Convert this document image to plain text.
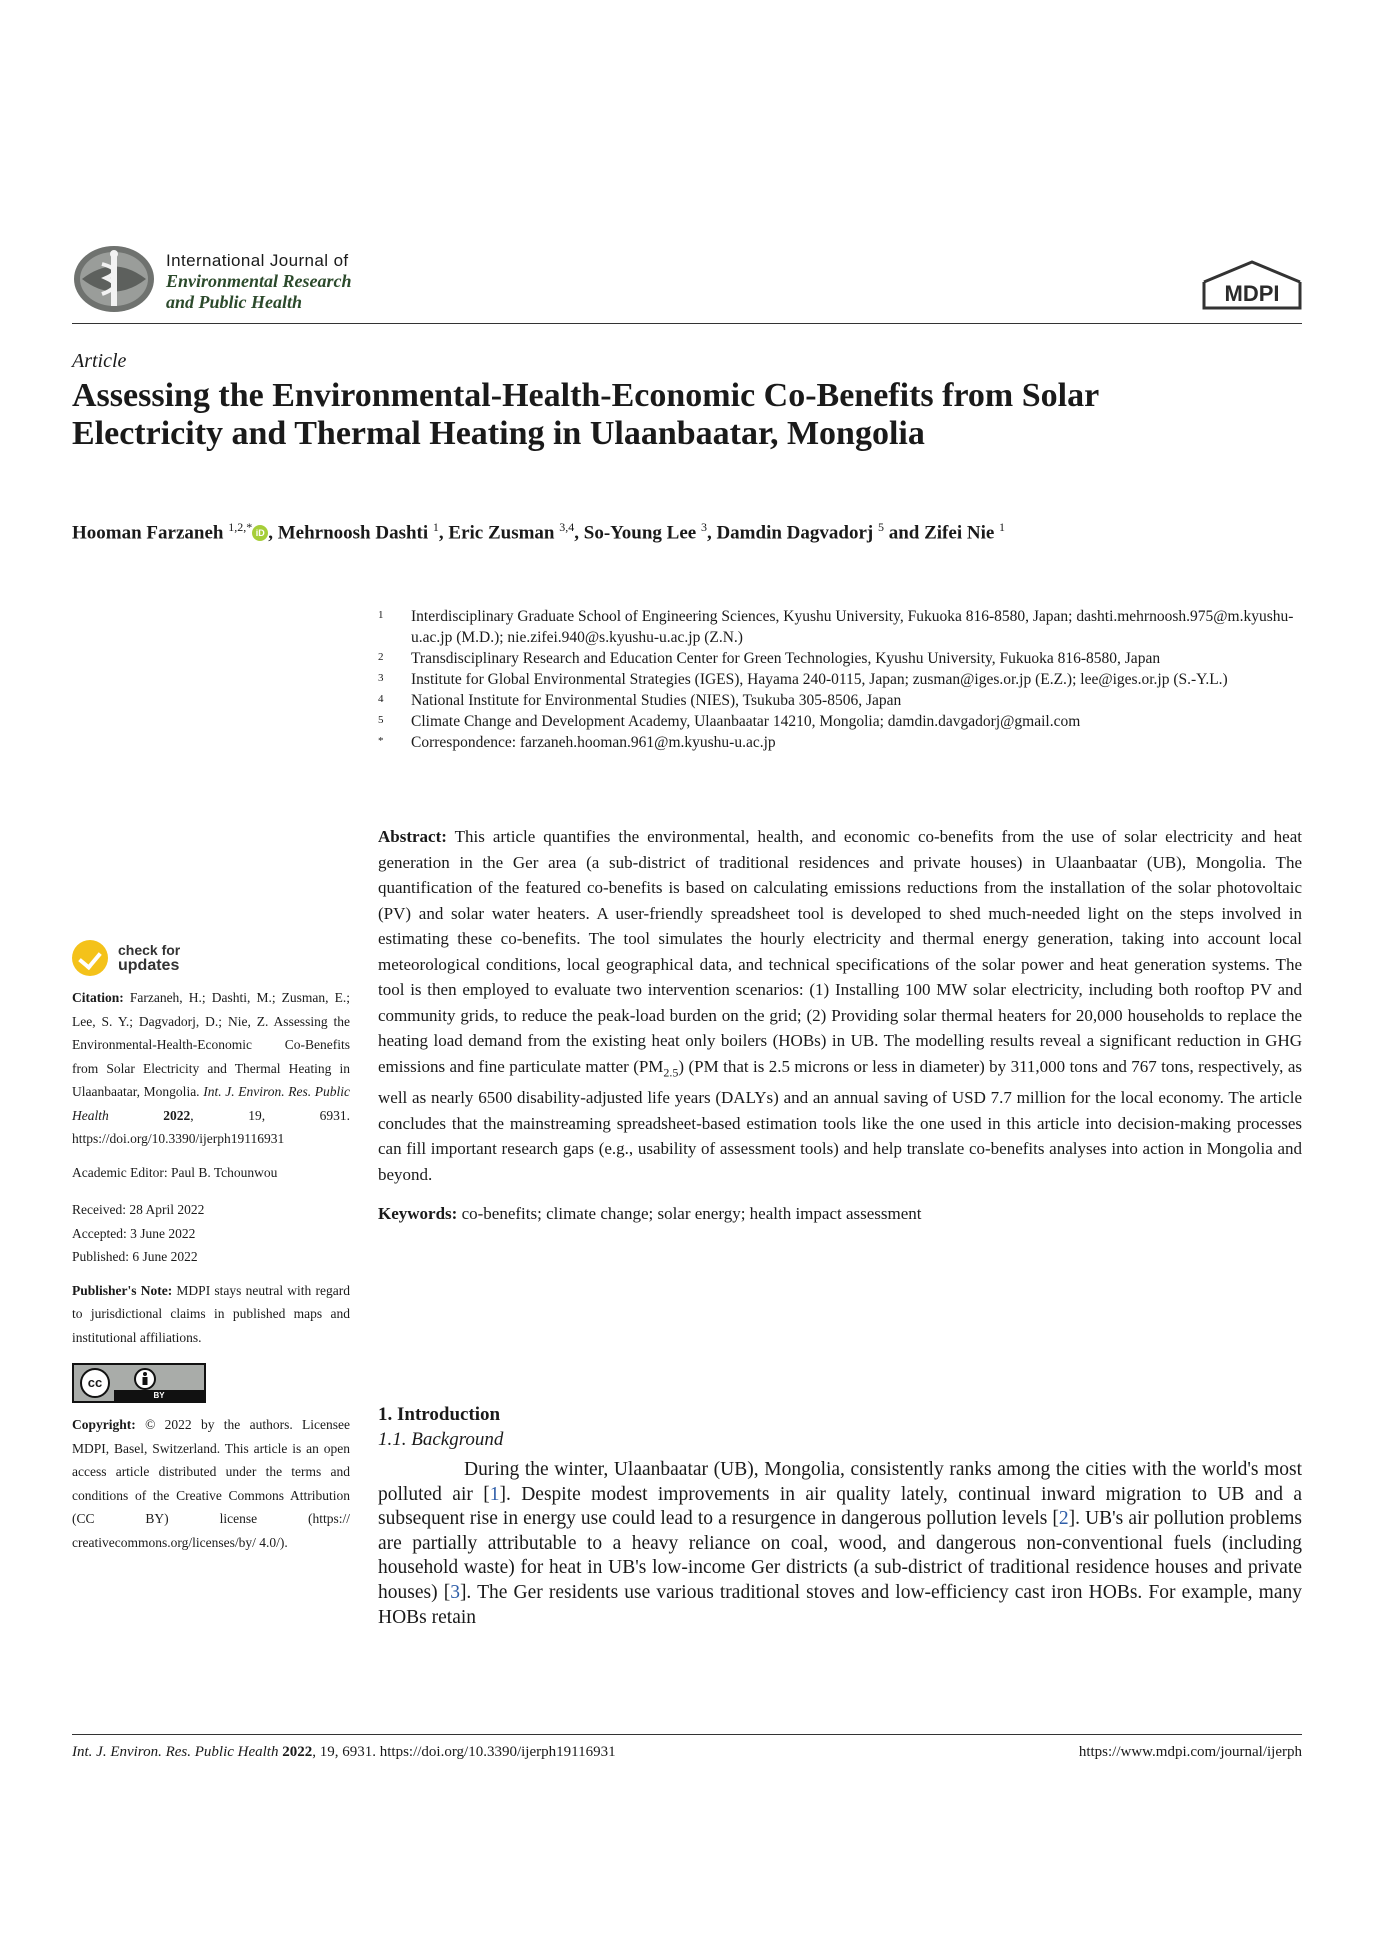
International Journal of
Environmental Research
and Public Health	MDPI
Article
Assessing the Environmental-Health-Economic Co-Benefits from Solar Electricity and Thermal Heating in Ulaanbaatar, Mongolia
Hooman Farzaneh $^{1,2,*}$ iD , Mehrnoosh Dashti $^1$, Eric Zusman $^{3,4}$, So-Young Lee $^3$, Damdin Dagvadorj $^5$ and Zifei Nie $^1$
1	Interdisciplinary Graduate School of Engineering Sciences, Kyushu University, Fukuoka 816-8580, Japan; dashti.mehrnoosh.975@m.kyushu-u.ac.jp (M.D.); nie.zifei.940@s.kyushu-u.ac.jp (Z.N.)
2	Transdisciplinary Research and Education Center for Green Technologies, Kyushu University, Fukuoka 816-8580, Japan
3	Institute for Global Environmental Strategies (IGES), Hayama 240-0115, Japan; zusman@iges.or.jp (E.Z.); lee@iges.or.jp (S.-Y.L.)
4	National Institute for Environmental Studies (NIES), Tsukuba 305-8506, Japan
5	Climate Change and Development Academy, Ulaanbaatar 14210, Mongolia; damdin.davgadorj@gmail.com
*	Correspondence: farzaneh.hooman.961@m.kyushu-u.ac.jp
check for
updates
Citation: Farzaneh, H.; Dashti, M.; Zusman, E.; Lee, S. Y.; Dagvadorj, D.; Nie, Z. Assessing the Environmental-Health-Economic Co-Benefits from Solar Electricity and Thermal Heating in Ulaanbaatar, Mongolia. Int. J. Environ. Res. Public Health 2022, 19, 6931. https://doi.org/10.3390/ijerph19116931
Academic Editor: Paul B. Tchounwou
Received: 28 April 2022
Accepted: 3 June 2022
Published: 6 June 2022
Publisher's Note: MDPI stays neutral with regard to jurisdictional claims in published maps and institutional affiliations.
cc
BY
Copyright: © 2022 by the authors. Licensee MDPI, Basel, Switzerland. This article is an open access article distributed under the terms and conditions of the Creative Commons Attribution (CC BY) license (https:// creativecommons.org/licenses/by/ 4.0/).

Abstract: This article quantifies the environmental, health, and economic co-benefits from the use of solar electricity and heat generation in the Ger area (a sub-district of traditional residences and private houses) in Ulaanbaatar (UB), Mongolia. The quantification of the featured co-benefits is based on calculating emissions reductions from the installation of the solar photovoltaic (PV) and solar water heaters. A user-friendly spreadsheet tool is developed to shed much-needed light on the steps involved in estimating these co-benefits. The tool simulates the hourly electricity and thermal energy generation, taking into account local meteorological conditions, local geographical data, and technical specifications of the solar power and heat generation systems. The tool is then employed to evaluate two intervention scenarios: (1) Installing 100 MW solar electricity, including both rooftop PV and community grids, to reduce the peak-load burden on the grid; (2) Providing solar thermal heaters for 20,000 households to replace the heating load demand from the existing heat only boilers (HOBs) in UB. The modelling results reveal a significant reduction in GHG emissions and fine particulate matter $(PM_{2.5})$ (PM that is 2.5 microns or less in diameter) by 311,000 tons and 767 tons, respectively, as well as nearly 6500 disability-adjusted life years (DALYs) and an annual saving of USD 7.7 million for the local economy. The article concludes that the mainstreaming spreadsheet-based estimation tools like the one used in this article into decision-making processes can fill important research gaps (e.g., usability of assessment tools) and help translate co-benefits analyses into action in Mongolia and beyond.

Keywords: co-benefits; climate change; solar energy; health impact assessment
1. Introduction
1.1. Background

During the winter, Ulaanbaatar (UB), Mongolia, consistently ranks among the cities with the world's most polluted air [1]. Despite modest improvements in air quality lately, continual inward migration to UB and a subsequent rise in energy use could lead to a resurgence in dangerous pollution levels [2]. UB's air pollution problems are partially attributable to a heavy reliance on coal, wood, and dangerous non-conventional fuels (including household waste) for heat in UB's low-income Ger districts (a sub-district of traditional residence houses and private houses) [3]. The Ger residents use various traditional stoves and low-efficiency cast iron HOBs. For example, many HOBs retain

Int. J. Environ. Res. Public Health 2022, 19, 6931. https://doi.org/10.3390/ijerph19116931	https://www.mdpi.com/journal/ijerph
